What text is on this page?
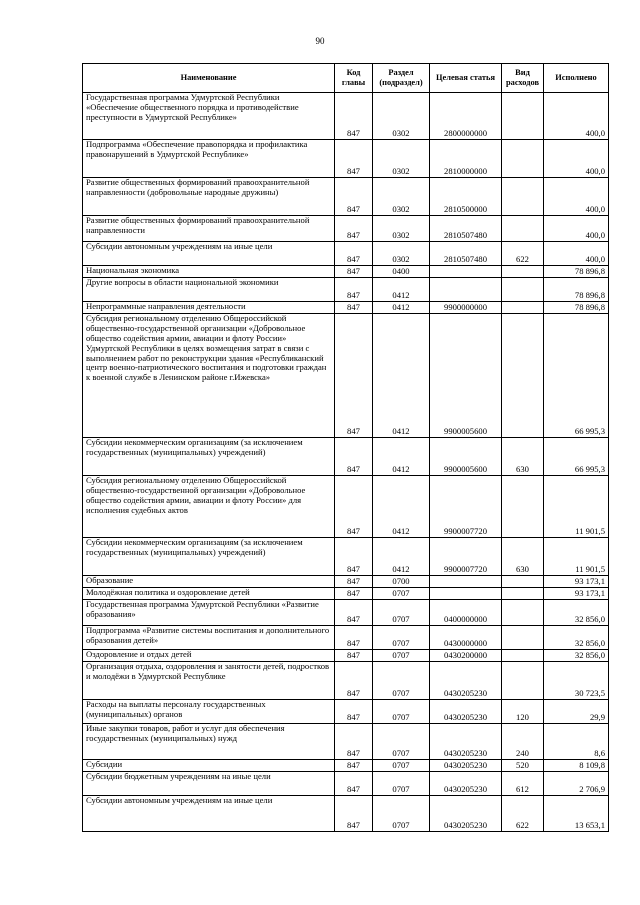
90
Наименование	Код главы	Раздел (подраздел)	Целевая статья	Вид расходов	Исполнено
Государственная программа Удмуртской Республики «Обеспечение общественного порядка и противодействие преступности в Удмуртской Республике»	847	0302	2800000000		400,0
Подпрограмма «Обеспечение правопорядка и профилактика правонарушений в Удмуртской Республике»	847	0302	2810000000		400,0
Развитие общественных формирований правоохранительной направленности (добровольные народные дружины)	847	0302	2810500000		400,0
Развитие общественных формирований правоохранительной направленности	847	0302	2810507480		400,0
Субсидии автономным учреждениям на иные цели	847	0302	2810507480	622	400,0
Национальная экономика	847	0400			78 896,8
Другие вопросы в области национальной экономики	847	0412			78 896,8
Непрограммные направления деятельности	847	0412	9900000000		78 896,8
Субсидия региональному отделению Общероссийской общественно-государственной организации «Добровольное общество содействия армии, авиации и флоту России» Удмуртской Республики в целях возмещения затрат в связи с выполнением работ по реконструкции здания «Республиканский центр военно-патриотического воспитания и подготовки граждан к военной службе в Ленинском районе г.Ижевска»	847	0412	9900005600		66 995,3
Субсидии некоммерческим организациям (за исключением государственных (муниципальных) учреждений)	847	0412	9900005600	630	66 995,3
Субсидия региональному отделению Общероссийской общественно-государственной организации «Добровольное общество содействия армии, авиации и флоту России» для исполнения судебных актов	847	0412	9900007720		11 901,5
Субсидии некоммерческим организациям (за исключением государственных (муниципальных) учреждений)	847	0412	9900007720	630	11 901,5
Образование	847	0700			93 173,1
Молодёжная политика и оздоровление детей	847	0707			93 173,1
Государственная программа Удмуртской Республики «Развитие образования»	847	0707	0400000000		32 856,0
Подпрограмма «Развитие системы воспитания и дополнительного образования детей»	847	0707	0430000000		32 856,0
Оздоровление и отдых детей	847	0707	0430200000		32 856,0
Организация отдыха, оздоровления и занятости детей, подростков и молодёжи в Удмуртской Республике	847	0707	0430205230		30 723,5
Расходы на выплаты персоналу государственных (муниципальных) органов	847	0707	0430205230	120	29,9
Иные закупки товаров, работ и услуг для обеспечения государственных (муниципальных) нужд	847	0707	0430205230	240	8,6
Субсидии	847	0707	0430205230	520	8 109,8
Субсидии бюджетным учреждениям на иные цели	847	0707	0430205230	612	2 706,9
Субсидии автономным учреждениям на иные цели	847	0707	0430205230	622	13 653,1
